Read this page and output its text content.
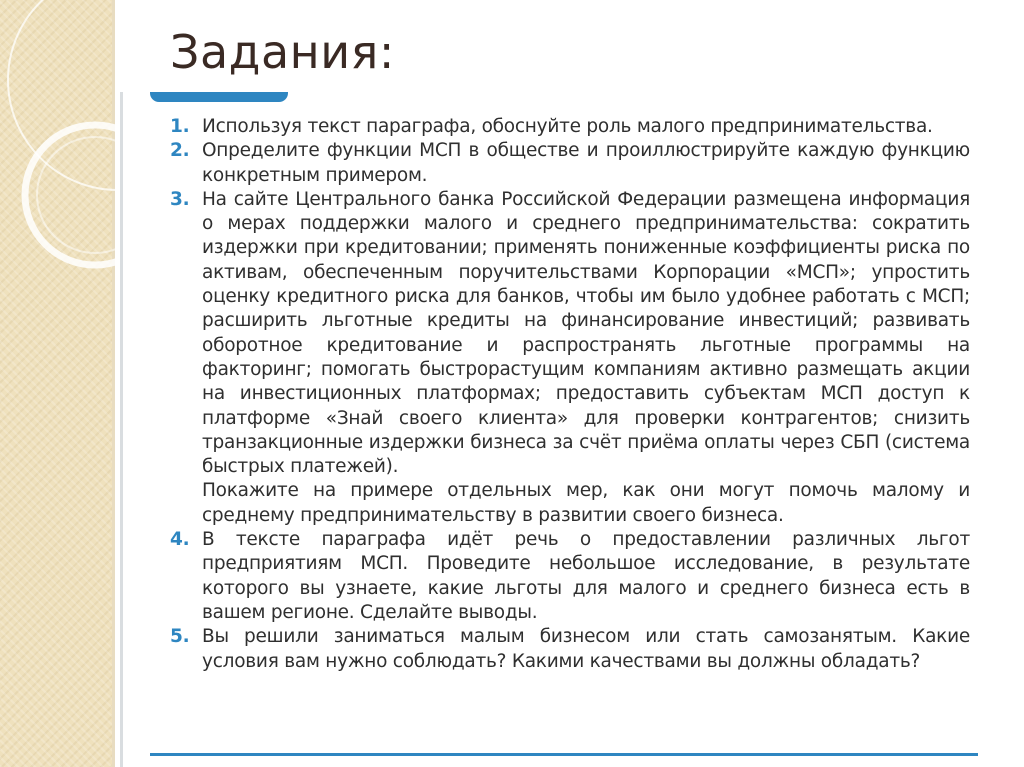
Задания:
1. Используя текст параграфа, обоснуйте роль малого предпринимательства.
2. Определите функции МСП в обществе и проиллюстрируйте каждую функцию конкретным примером.
3. На сайте Центрального банка Российской Федерации размещена информация о мерах поддержки малого и среднего предпринимательства: сократить издержки при кредитовании; применять пониженные коэффициенты риска по активам, обеспеченным поручительствами Корпорации «МСП»; упростить оценку кредитного риска для банков, чтобы им было удобнее работать с МСП; расширить льготные кредиты на финансирование инвестиций; развивать оборотное кредитование и распространять льготные программы на факторинг; помогать быстрорастущим компаниям активно размещать акции на инвестиционных платформах; предоставить субъектам МСП доступ к платформе «Знай своего клиента» для проверки контрагентов; снизить транзакционные издержки бизнеса за счёт приёма оплаты через СБП (система быстрых платежей).
Покажите на примере отдельных мер, как они могут помочь малому и среднему предпринимательству в развитии своего бизнеса.
4. В тексте параграфа идёт речь о предоставлении различных льгот предприятиям МСП. Проведите небольшое исследование, в результате которого вы узнаете, какие льготы для малого и среднего бизнеса есть в вашем регионе. Сделайте выводы.
5. Вы решили заниматься малым бизнесом или стать самозанятым. Какие условия вам нужно соблюдать? Какими качествами вы должны обладать?
